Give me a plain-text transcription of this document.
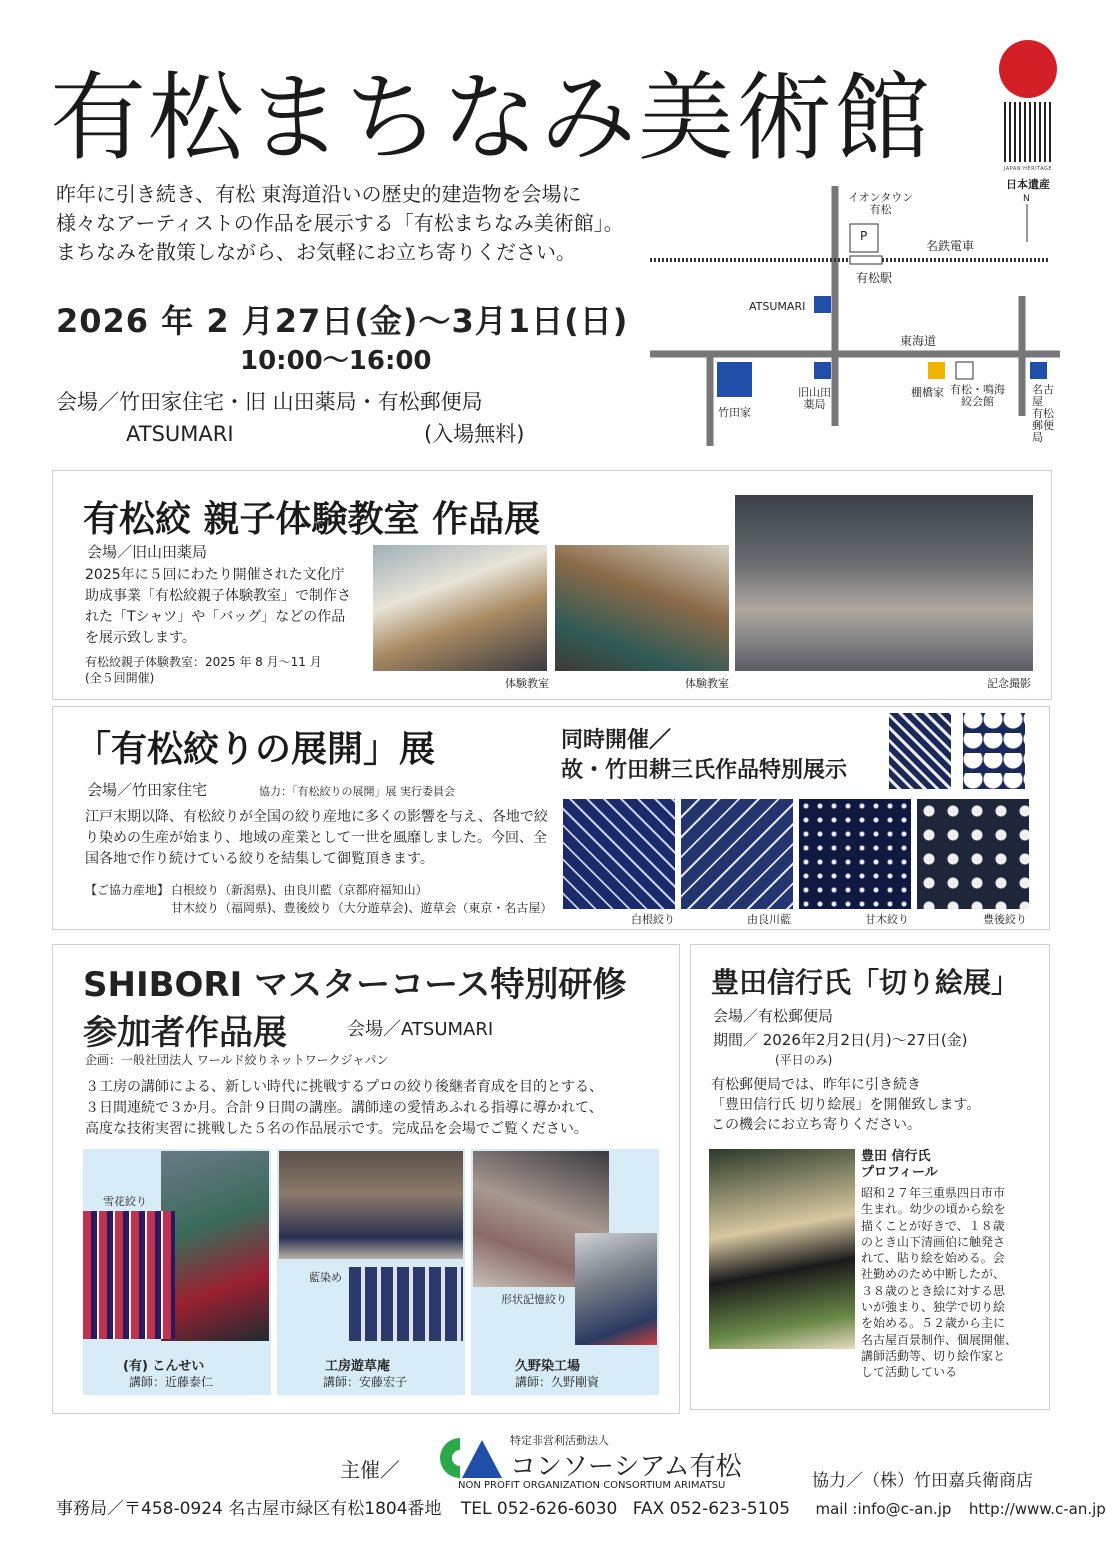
有松まちなみ美術館	JAPAN HERITAGE
日本遺産
昨年に引き続き、有松 東海道沿いの歴史的建造物を会場に
様々なアーティストの作品を展示する「有松まちなみ美術館」。
まちなみを散策しながら、お気軽にお立ち寄りください。
2026 年 2 月27日(金)～3月1日(日)
10:00～16:00
会場／竹田家住宅・旧 山田薬局・有松郵便局
ATSUMARI	(入場無料)
イオンタウン
有松
P
名鉄電車
有松駅
ATSUMARI
東海道
竹田家
旧山田
薬局
棚橋家 有松・鳴海
絞会館
名古屋
有松
郵便局
N
有松絞 親子体験教室 作品展
会場／旧山田薬局
2025年に５回にわたり開催された文化庁助成事業「有松絞親子体験教室」で制作された「Tシャツ」や「バッグ」などの作品を展示致します。
有松絞親子体験教室：2025 年 8 月～11 月
(全５回開催)	体験教室	体験教室	記念撮影
「有松絞りの展開」展
会場／竹田家住宅	協力：「有松絞りの展開」展 実行委員会
江戸末期以降、有松絞りが全国の絞り産地に多くの影響を与え、各地で絞り染めの生産が始まり、地域の産業として一世を風靡しました。今回、全国各地で作り続けている絞りを結集して御覧頂きます。
【ご協力産地】 白根絞り（新潟県)、由良川藍（京都府福知山）
甘木絞り（福岡県)、豊後絞り（大分遊草会)、遊草会（東京・名古屋）
同時開催／
故・竹田耕三氏作品特別展示
白根絞り	由良川藍	甘木絞り	豊後絞り
SHIBORI マスターコース特別研修
参加者作品展	会場／ATSUMARI
企画：一般社団法人 ワールド絞りネットワークジャパン
３工房の講師による、新しい時代に挑戦するプロの絞り後継者育成を目的とする、
３日間連続で３か月。合計９日間の講座。講師達の愛情あふれる指導に導かれて、
高度な技術実習に挑戦した５名の作品展示です。完成品を会場でご覧ください。
雪花絞り
(有) こんせい
講師：近藤泰仁
藍染め
工房遊草庵
講師：安藤宏子
形状記憶絞り
久野染工場
講師：久野剛資
豊田信行氏「切り絵展」
会場／有松郵便局
期間／ 2026年2月2日(月)～27日(金)
(平日のみ)
有松郵便局では、昨年に引き続き
「豊田信行氏 切り絵展」を開催致します。
この機会にお立ち寄りください。
豊田 信行氏
プロフィール
昭和２７年三重県四日市市
生まれ。幼少の頃から絵を
描くことが好きで、１８歳
のとき山下清画伯に触発さ
れて、貼り絵を始める。会
社勤めのため中断したが、
３８歳のとき絵に対する思
いが強まり、独学で切り絵
を始める。５２歳から主に
名古屋百景制作、個展開催、
講師活動等、切り絵作家と
して活動している
主催／
特定非営利活動法人
コンソーシアム有松
NON PROFIT ORGANIZATION CONSORTIUM ARIMATSU	協力／（株）竹田嘉兵衛商店
事務局／〒458-0924 名古屋市緑区有松1804番地 TEL 052-626-6030 FAX 052-623-5105 mail :info@c-an.jp http://www.c-an.jp
